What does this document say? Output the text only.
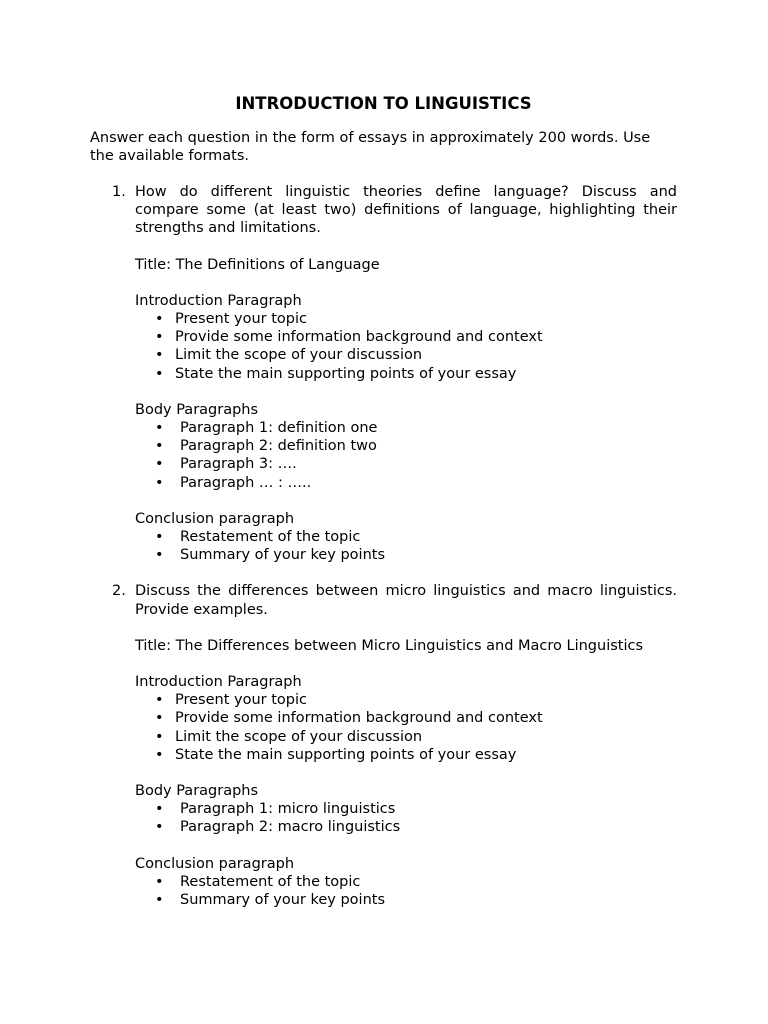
INTRODUCTION TO LINGUISTICS

Answer each question in the form of essays in approximately 200 words. Use the available formats.

1. How do different linguistic theories define language? Discuss and compare some (at least two) definitions of language, highlighting their strengths and limitations.
Title: The Definitions of Language
Introduction Paragraph
• Present your topic
• Provide some information background and context
• Limit the scope of your discussion
• State the main supporting points of your essay
Body Paragraphs
• Paragraph 1: definition one
• Paragraph 2: definition two
• Paragraph 3: ….
• Paragraph … : …..
Conclusion paragraph
• Restatement of the topic
• Summary of your key points
2. Discuss the differences between micro linguistics and macro linguistics. Provide examples.
Title: The Differences between Micro Linguistics and Macro Linguistics
Introduction Paragraph
• Present your topic
• Provide some information background and context
• Limit the scope of your discussion
• State the main supporting points of your essay
Body Paragraphs
• Paragraph 1: micro linguistics
• Paragraph 2: macro linguistics
Conclusion paragraph
• Restatement of the topic
• Summary of your key points
